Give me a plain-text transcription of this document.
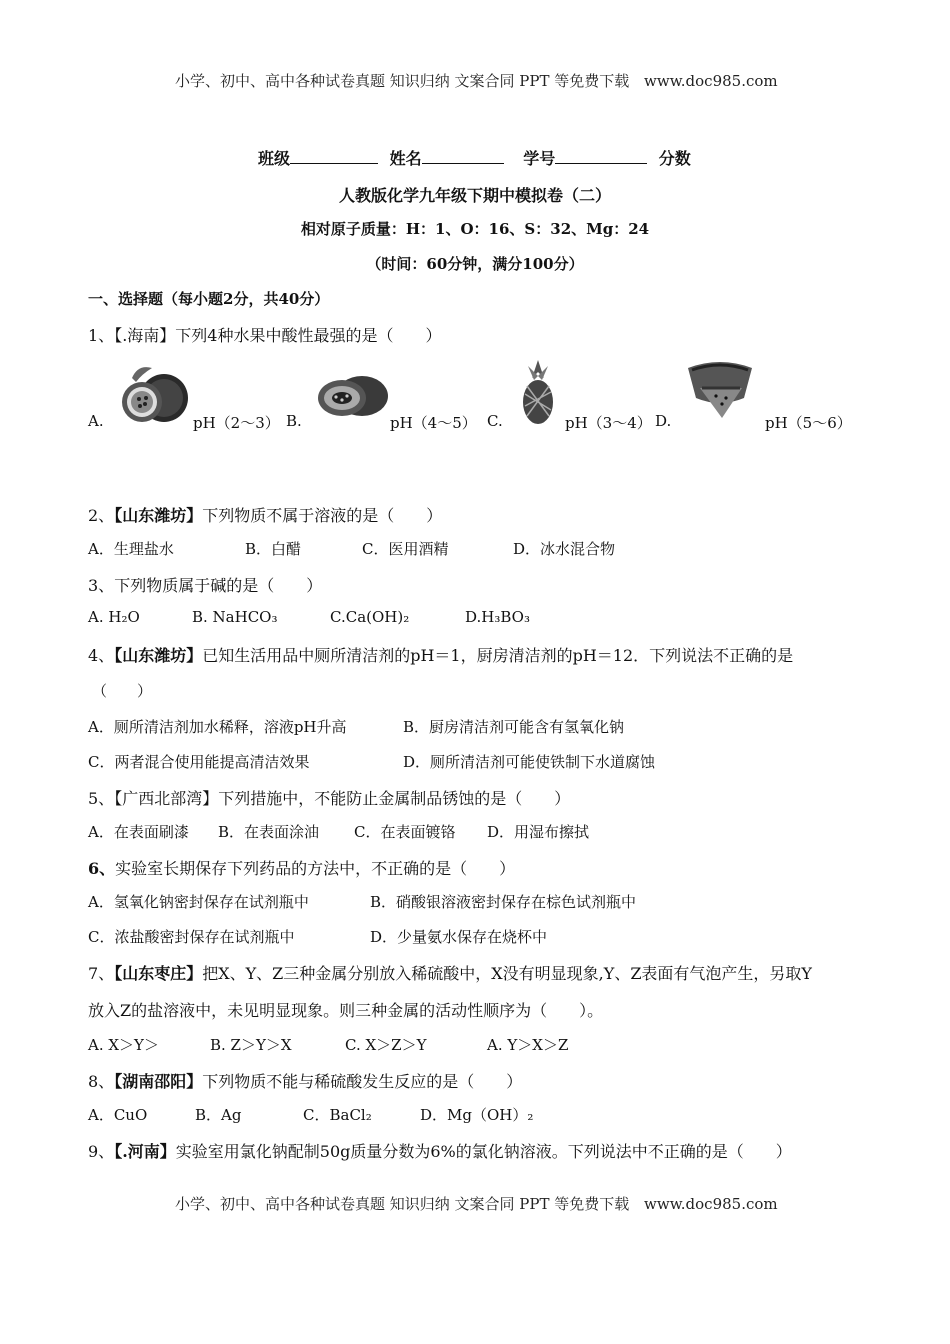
小学、初中、高中各种试卷真题 知识归纳 文案合同 PPT 等免费下载 www.doc985.com
班级	姓名	学号	分数
人教版化学九年级下期中模拟卷（二）
相对原子质量：H：1、O：16、S：32、Mg：24
（时间：60分钟，满分100分）
一、选择题（每小题2分，共40分）
1、【.海南】下列4种水果中酸性最强的是（　　）
A.	pH（2～3） B.	pH（4～5） C.	pH（3～4） D.	pH（5～6）
2、【山东潍坊】下列物质不属于溶液的是（　　）
A．生理盐水	B．白醋	C．医用酒精	D．冰水混合物
3、下列物质属于碱的是（　　）
A. H₂O	B. NaHCO₃	C.Ca(OH)₂	D.H₃BO₃
4、【山东潍坊】已知生活用品中厕所清洁剂的pH＝1，厨房清洁剂的pH＝12．下列说法不正确的是
（　　）
A．厕所清洁剂加水稀释，溶液pH升高	B．厨房清洁剂可能含有氢氧化钠
C．两者混合使用能提高清洁效果	D．厕所清洁剂可能使铁制下水道腐蚀
5、【广西北部湾】下列措施中，不能防止金属制品锈蚀的是（　　）
A．在表面刷漆 B．在表面涂油 C．在表面镀铬 D．用湿布擦拭
6、实验室长期保存下列药品的方法中，不正确的是（　　）
A．氢氧化钠密封保存在试剂瓶中	B．硝酸银溶液密封保存在棕色试剂瓶中
C．浓盐酸密封保存在试剂瓶中	D．少量氨水保存在烧杯中
7、【山东枣庄】把X、Y、Z三种金属分别放入稀硫酸中，X没有明显现象,Y、Z表面有气泡产生，另取Y
放入Z的盐溶液中，未见明显现象。则三种金属的活动性顺序为（　　）。
A. X＞Y＞	B. Z＞Y＞X	C. X＞Z＞Y	A. Y＞X＞Z
8、【湖南邵阳】下列物质不能与稀硫酸发生反应的是（　　）
A．CuO	B．Ag	C．BaCl₂	D．Mg（OH）₂
9、【.河南】实验室用氯化钠配制50g质量分数为6%的氯化钠溶液。下列说法中不正确的是（　　）
小学、初中、高中各种试卷真题 知识归纳 文案合同 PPT 等免费下载 www.doc985.com
